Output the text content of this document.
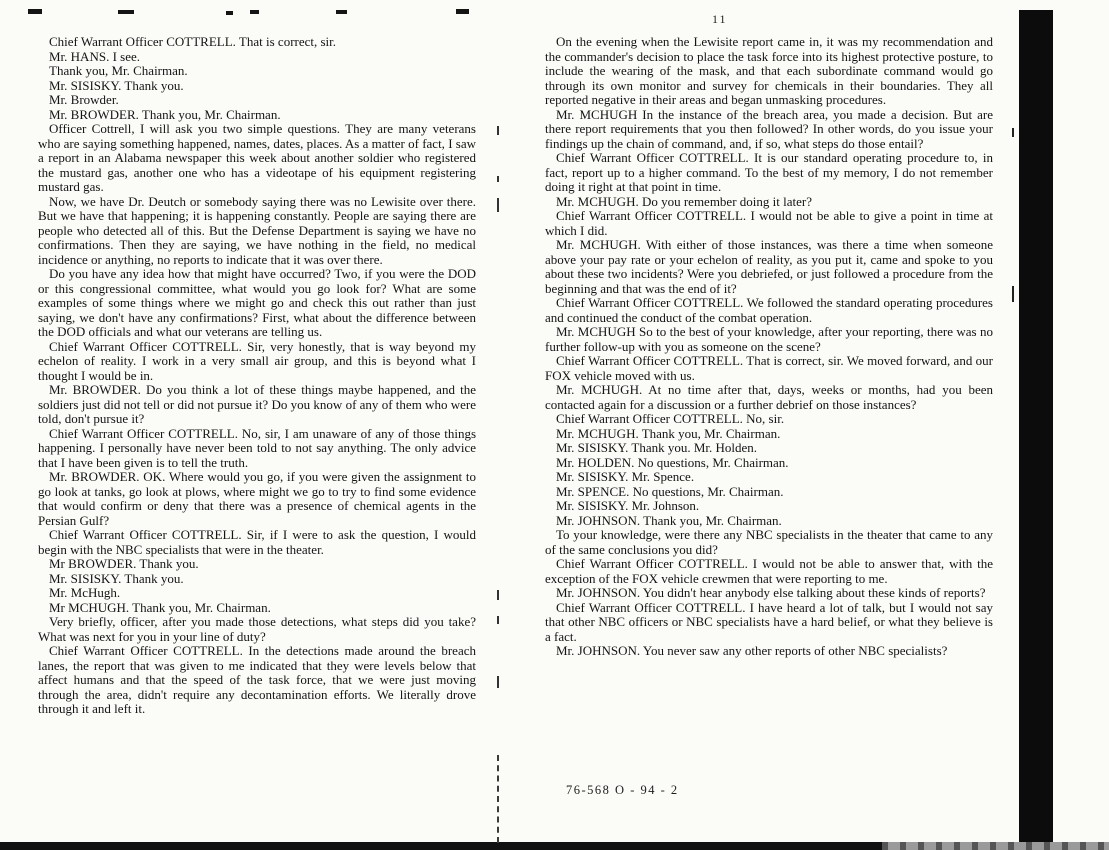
11

Chief Warrant Officer COTTRELL. That is correct, sir.

Mr. HANS. I see.

Thank you, Mr. Chairman.

Mr. SISISKY. Thank you.

Mr. Browder.

Mr. BROWDER. Thank you, Mr. Chairman.

Officer Cottrell, I will ask you two simple questions. They are many veterans who are saying something happened, names, dates, places. As a matter of fact, I saw a report in an Alabama newspaper this week about another soldier who registered the mustard gas, another one who has a videotape of his equipment registering mustard gas.

Now, we have Dr. Deutch or somebody saying there was no Lewisite over there. But we have that happening; it is happening constantly. People are saying there are people who detected all of this. But the Defense Department is saying we have no confirmations. Then they are saying, we have nothing in the field, no medical incidence or anything, no reports to indicate that it was over there.

Do you have any idea how that might have occurred? Two, if you were the DOD or this congressional committee, what would you go look for? What are some examples of some things where we might go and check this out rather than just saying, we don't have any confirmations? First, what about the difference between the DOD officials and what our veterans are telling us.

Chief Warrant Officer COTTRELL. Sir, very honestly, that is way beyond my echelon of reality. I work in a very small air group, and this is beyond what I thought I would be in.

Mr. BROWDER. Do you think a lot of these things maybe happened, and the soldiers just did not tell or did not pursue it? Do you know of any of them who were told, don't pursue it?

Chief Warrant Officer COTTRELL. No, sir, I am unaware of any of those things happening. I personally have never been told to not say anything. The only advice that I have been given is to tell the truth.

Mr. BROWDER. OK. Where would you go, if you were given the assignment to go look at tanks, go look at plows, where might we go to try to find some evidence that would confirm or deny that there was a presence of chemical agents in the Persian Gulf?

Chief Warrant Officer COTTRELL. Sir, if I were to ask the question, I would begin with the NBC specialists that were in the theater.

Mr BROWDER. Thank you.

Mr. SISISKY. Thank you.

Mr. McHugh.

Mr MCHUGH. Thank you, Mr. Chairman.

Very briefly, officer, after you made those detections, what steps did you take? What was next for you in your line of duty?

Chief Warrant Officer COTTRELL. In the detections made around the breach lanes, the report that was given to me indicated that they were levels below that affect humans and that the speed of the task force, that we were just moving through the area, didn't require any decontamination efforts. We literally drove through it and left it.

On the evening when the Lewisite report came in, it was my recommendation and the commander's decision to place the task force into its highest protective posture, to include the wearing of the mask, and that each subordinate command would go through its own monitor and survey for chemicals in their boundaries. They all reported negative in their areas and began unmasking procedures.

Mr. MCHUGH In the instance of the breach area, you made a decision. But are there report requirements that you then followed? In other words, do you issue your findings up the chain of command, and, if so, what steps do those entail?

Chief Warrant Officer COTTRELL. It is our standard operating procedure to, in fact, report up to a higher command. To the best of my memory, I do not remember doing it right at that point in time.

Mr. MCHUGH. Do you remember doing it later?

Chief Warrant Officer COTTRELL. I would not be able to give a point in time at which I did.

Mr. MCHUGH. With either of those instances, was there a time when someone above your pay rate or your echelon of reality, as you put it, came and spoke to you about these two incidents? Were you debriefed, or just followed a procedure from the beginning and that was the end of it?

Chief Warrant Officer COTTRELL. We followed the standard operating procedures and continued the conduct of the combat operation.

Mr. MCHUGH So to the best of your knowledge, after your reporting, there was no further follow-up with you as someone on the scene?

Chief Warrant Officer COTTRELL. That is correct, sir. We moved forward, and our FOX vehicle moved with us.

Mr. MCHUGH. At no time after that, days, weeks or months, had you been contacted again for a discussion or a further debrief on those instances?

Chief Warrant Officer COTTRELL. No, sir.

Mr. MCHUGH. Thank you, Mr. Chairman.

Mr. SISISKY. Thank you. Mr. Holden.

Mr. HOLDEN. No questions, Mr. Chairman.

Mr. SISISKY. Mr. Spence.

Mr. SPENCE. No questions, Mr. Chairman.

Mr. SISISKY. Mr. Johnson.

Mr. JOHNSON. Thank you, Mr. Chairman.

To your knowledge, were there any NBC specialists in the theater that came to any of the same conclusions you did?

Chief Warrant Officer COTTRELL. I would not be able to answer that, with the exception of the FOX vehicle crewmen that were reporting to me.

Mr. JOHNSON. You didn't hear anybody else talking about these kinds of reports?

Chief Warrant Officer COTTRELL. I have heard a lot of talk, but I would not say that other NBC officers or NBC specialists have a hard belief, or what they believe is a fact.

Mr. JOHNSON. You never saw any other reports of other NBC specialists?

76-568 O - 94 - 2
